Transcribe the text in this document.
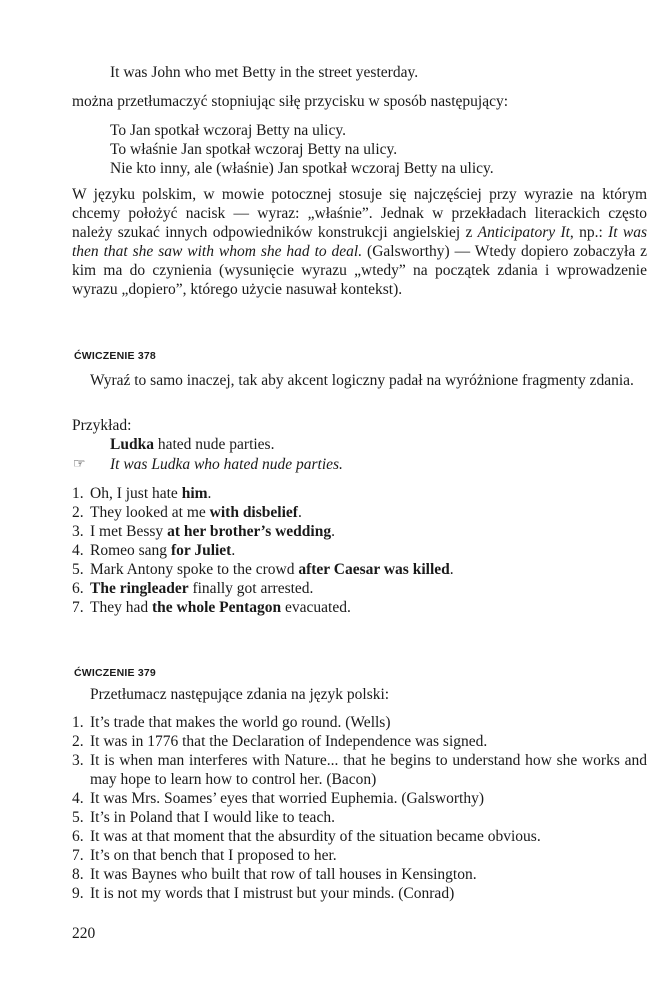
It was John who met Betty in the street yesterday.
można przetłumaczyć stopniując siłę przycisku w sposób następujący:
To Jan spotkał wczoraj Betty na ulicy.
To właśnie Jan spotkał wczoraj Betty na ulicy.
Nie kto inny, ale (właśnie) Jan spotkał wczoraj Betty na ulicy.

W języku polskim, w mowie potocznej stosuje się najczęściej przy wyrazie na którym chcemy położyć nacisk — wyraz: „właśnie”. Jednak w przekładach literackich często należy szukać innych odpowiedników konstrukcji angielskiej z Anticipatory It, np.: It was then that she saw with whom she had to deal. (Galsworthy) — Wtedy dopiero zobaczyła z kim ma do czynienia (wysunięcie wyrazu „wtedy” na początek zdania i wprowadzenie wyrazu „dopiero”, którego użycie nasuwał kontekst).

ĆWICZENIE 378
Wyraź to samo inaczej, tak aby akcent logiczny padał na wyróżnione fragmenty zdania.
Przykład:
Ludka hated nude parties.
☞	It was Ludka who hated nude parties.
1. Oh, I just hate him.
2. They looked at me with disbelief.
3. I met Bessy at her brother’s wedding.
4. Romeo sang for Juliet.
5. Mark Antony spoke to the crowd after Caesar was killed.
6. The ringleader finally got arrested.
7. They had the whole Pentagon evacuated.
ĆWICZENIE 379
Przetłumacz następujące zdania na język polski:
1. It’s trade that makes the world go round. (Wells)
2. It was in 1776 that the Declaration of Independence was signed.
3. It is when man interferes with Nature... that he begins to understand how she works and may hope to learn how to control her. (Bacon)
4. It was Mrs. Soames’ eyes that worried Euphemia. (Galsworthy)
5. It’s in Poland that I would like to teach.
6. It was at that moment that the absurdity of the situation became obvious.
7. It’s on that bench that I proposed to her.
8. It was Baynes who built that row of tall houses in Kensington.
9. It is not my words that I mistrust but your minds. (Conrad)
220
